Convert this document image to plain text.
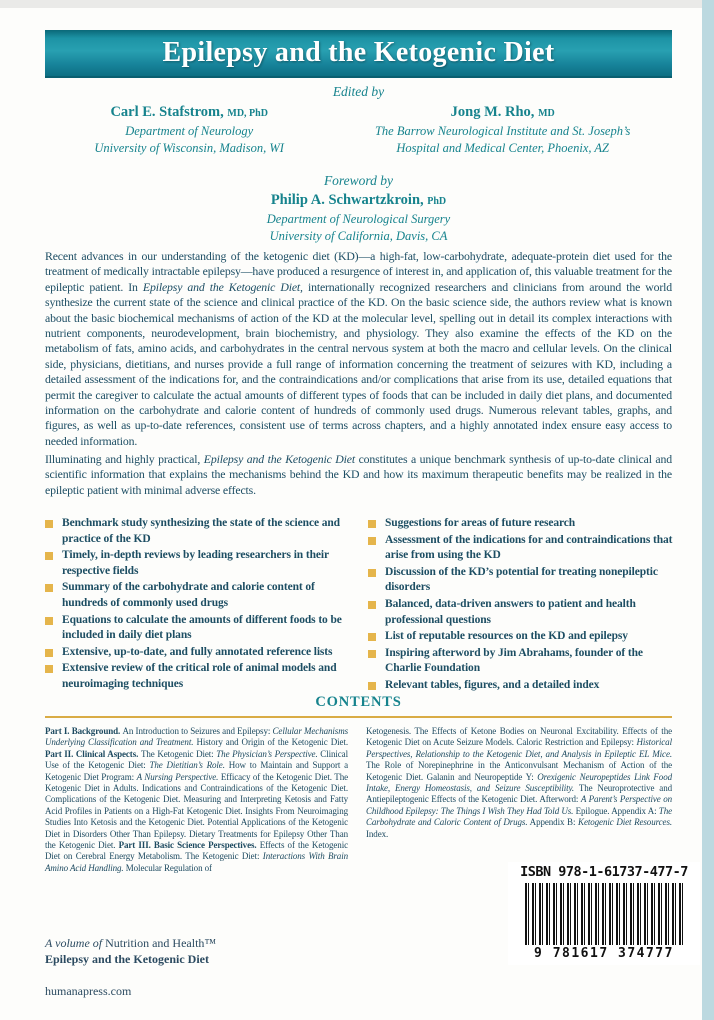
Epilepsy and the Ketogenic Diet
Edited by
Carl E. Stafstrom, MD, PhD
Department of Neurology
University of Wisconsin, Madison, WI
Jong M. Rho, MD
The Barrow Neurological Institute and St. Joseph’s
Hospital and Medical Center, Phoenix, AZ
Foreword by
Philip A. Schwartzkroin, PhD
Department of Neurological Surgery
University of California, Davis, CA
Recent advances in our understanding of the ketogenic diet (KD)—a high-fat, low-carbohydrate, adequate-protein diet used for the treatment of medically intractable epilepsy—have produced a resurgence of interest in, and application of, this valuable treatment for the epileptic patient. In Epilepsy and the Ketogenic Diet, internationally recognized researchers and clinicians from around the world synthesize the current state of the science and clinical practice of the KD. On the basic science side, the authors review what is known about the basic biochemical mechanisms of action of the KD at the molecular level, spelling out in detail its complex interactions with nutrient components, neurodevelopment, brain biochemistry, and physiology. They also examine the effects of the KD on the metabolism of fats, amino acids, and carbohydrates in the central nervous system at both the macro and cellular levels. On the clinical side, physicians, dietitians, and nurses provide a full range of information concerning the treatment of seizures with KD, including a detailed assessment of the indications for, and the contraindications and/or complications that arise from its use, detailed equations that permit the caregiver to calculate the actual amounts of different types of foods that can be included in daily diet plans, and documented information on the carbohydrate and calorie content of hundreds of commonly used drugs. Numerous relevant tables, graphs, and figures, as well as up-to-date references, consistent use of terms across chapters, and a highly annotated index ensure easy access to needed information.
Illuminating and highly practical, Epilepsy and the Ketogenic Diet constitutes a unique benchmark synthesis of up-to-date clinical and scientific information that explains the mechanisms behind the KD and how its maximum therapeutic benefits may be realized in the epileptic patient with minimal adverse effects.
Benchmark study synthesizing the state of the science and practice of the KD
Timely, in-depth reviews by leading researchers in their respective fields
Summary of the carbohydrate and calorie content of hundreds of commonly used drugs
Equations to calculate the amounts of different foods to be included in daily diet plans
Extensive, up-to-date, and fully annotated reference lists
Extensive review of the critical role of animal models and neuroimaging techniques
Suggestions for areas of future research
Assessment of the indications for and contraindications that arise from using the KD
Discussion of the KD’s potential for treating nonepileptic disorders
Balanced, data-driven answers to patient and health professional questions
List of reputable resources on the KD and epilepsy
Inspiring afterword by Jim Abrahams, founder of the Charlie Foundation
Relevant tables, figures, and a detailed index
CONTENTS
Part I. Background. An Introduction to Seizures and Epilepsy: Cellular Mechanisms Underlying Classification and Treatment. History and Origin of the Ketogenic Diet. Part II. Clinical Aspects. The Ketogenic Diet: The Physician’s Perspective. Clinical Use of the Ketogenic Diet: The Dietitian’s Role. How to Maintain and Support a Ketogenic Diet Program: A Nursing Perspective. Efficacy of the Ketogenic Diet. The Ketogenic Diet in Adults. Indications and Contraindications of the Ketogenic Diet. Complications of the Ketogenic Diet. Measuring and Interpreting Ketosis and Fatty Acid Profiles in Patients on a High-Fat Ketogenic Diet. Insights From Neuroimaging Studies Into Ketosis and the Ketogenic Diet. Potential Applications of the Ketogenic Diet in Disorders Other Than Epilepsy. Dietary Treatments for Epilepsy Other Than the Ketogenic Diet. Part III. Basic Science Perspectives. Effects of the Ketogenic Diet on Cerebral Energy Metabolism. The Ketogenic Diet: Interactions With Brain Amino Acid Handling. Molecular Regulation of
Ketogenesis. The Effects of Ketone Bodies on Neuronal Excitability. Effects of the Ketogenic Diet on Acute Seizure Models. Caloric Restriction and Epilepsy: Historical Perspectives, Relationship to the Ketogenic Diet, and Analysis in Epileptic EL Mice. The Role of Norepinephrine in the Anticonvulsant Mechanism of Action of the Ketogenic Diet. Galanin and Neuropeptide Y: Orexigenic Neuropeptides Link Food Intake, Energy Homeostasis, and Seizure Susceptibility. The Neuroprotective and Antiepileptogenic Effects of the Ketogenic Diet. Afterword: A Parent’s Perspective on Childhood Epilepsy: The Things I Wish They Had Told Us. Epilogue. Appendix A: The Carbohydrate and Caloric Content of Drugs. Appendix B: Ketogenic Diet Resources. Index.
A volume of Nutrition and Health™
Epilepsy and the Ketogenic Diet
humanapress.com
ISBN 978-1-61737-477-7
9 781617 374777
